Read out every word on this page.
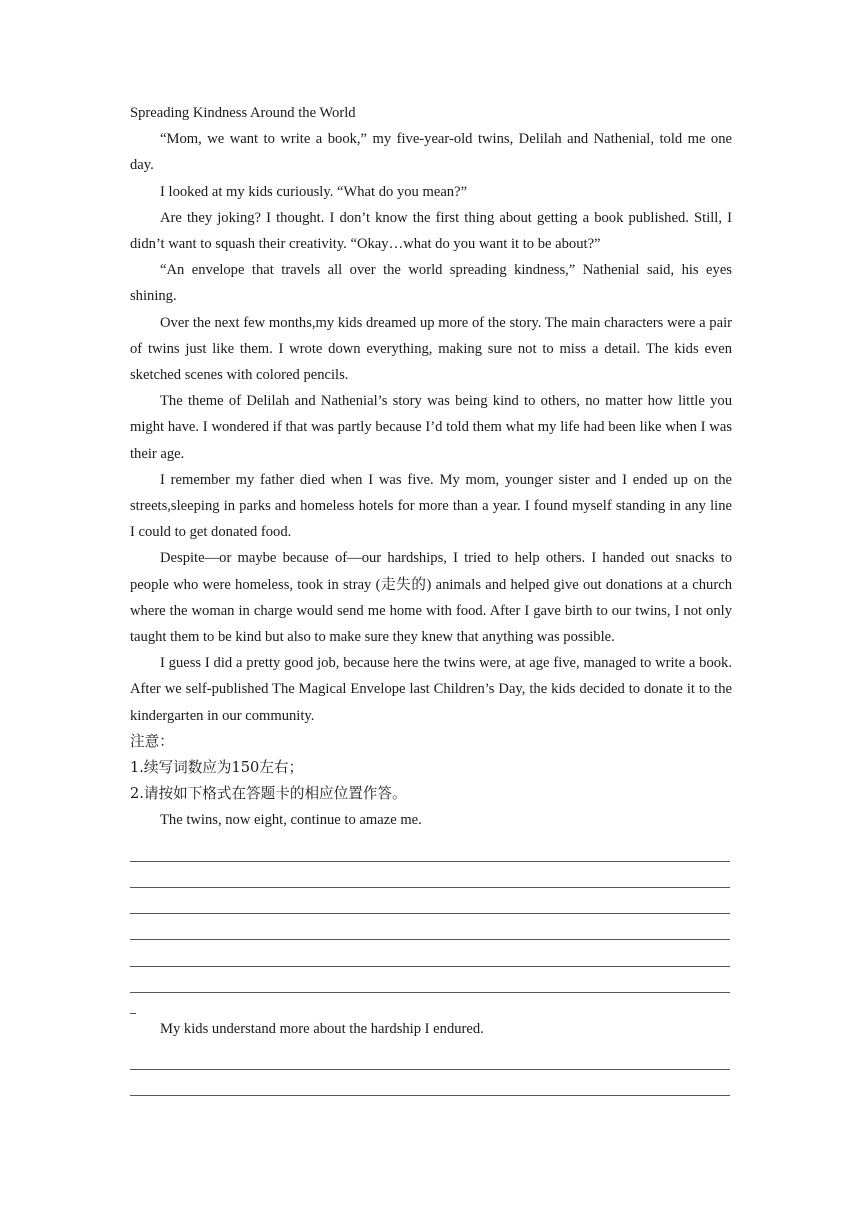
Spreading Kindness Around the World

“Mom, we want to write a book,” my five-year-old twins, Delilah and Nathenial, told me one day.

I looked at my kids curiously. “What do you mean?”

Are they joking? I thought. I don’t know the first thing about getting a book published. Still, I didn’t want to squash their creativity. “Okay…what do you want it to be about?”

“An envelope that travels all over the world spreading kindness,” Nathenial said, his eyes shining.

Over the next few months,my kids dreamed up more of the story. The main characters were a pair of twins just like them. I wrote down everything, making sure not to miss a detail. The kids even sketched scenes with colored pencils.

The theme of Delilah and Nathenial’s story was being kind to others, no matter how little you might have. I wondered if that was partly because I’d told them what my life had been like when I was their age.

I remember my father died when I was five. My mom, younger sister and I ended up on the streets,sleeping in parks and homeless hotels for more than a year. I found myself standing in any line I could to get donated food.

Despite—or maybe because of—our hardships, I tried to help others. I handed out snacks to people who were homeless, took in stray (走失的) animals and helped give out donations at a church where the woman in charge would send me home with food. After I gave birth to our twins, I not only taught them to be kind but also to make sure they knew that anything was possible.

I guess I did a pretty good job, because here the twins were, at age five, managed to write a book. After we self-published The Magical Envelope last Children’s Day, the kids decided to donate it to the kindergarten in our community.

注意：

1.续写词数应为150左右；

2.请按如下格式在答题卡的相应位置作答。

The twins, now eight, continue to amaze me.

My kids understand more about the hardship I endured.
